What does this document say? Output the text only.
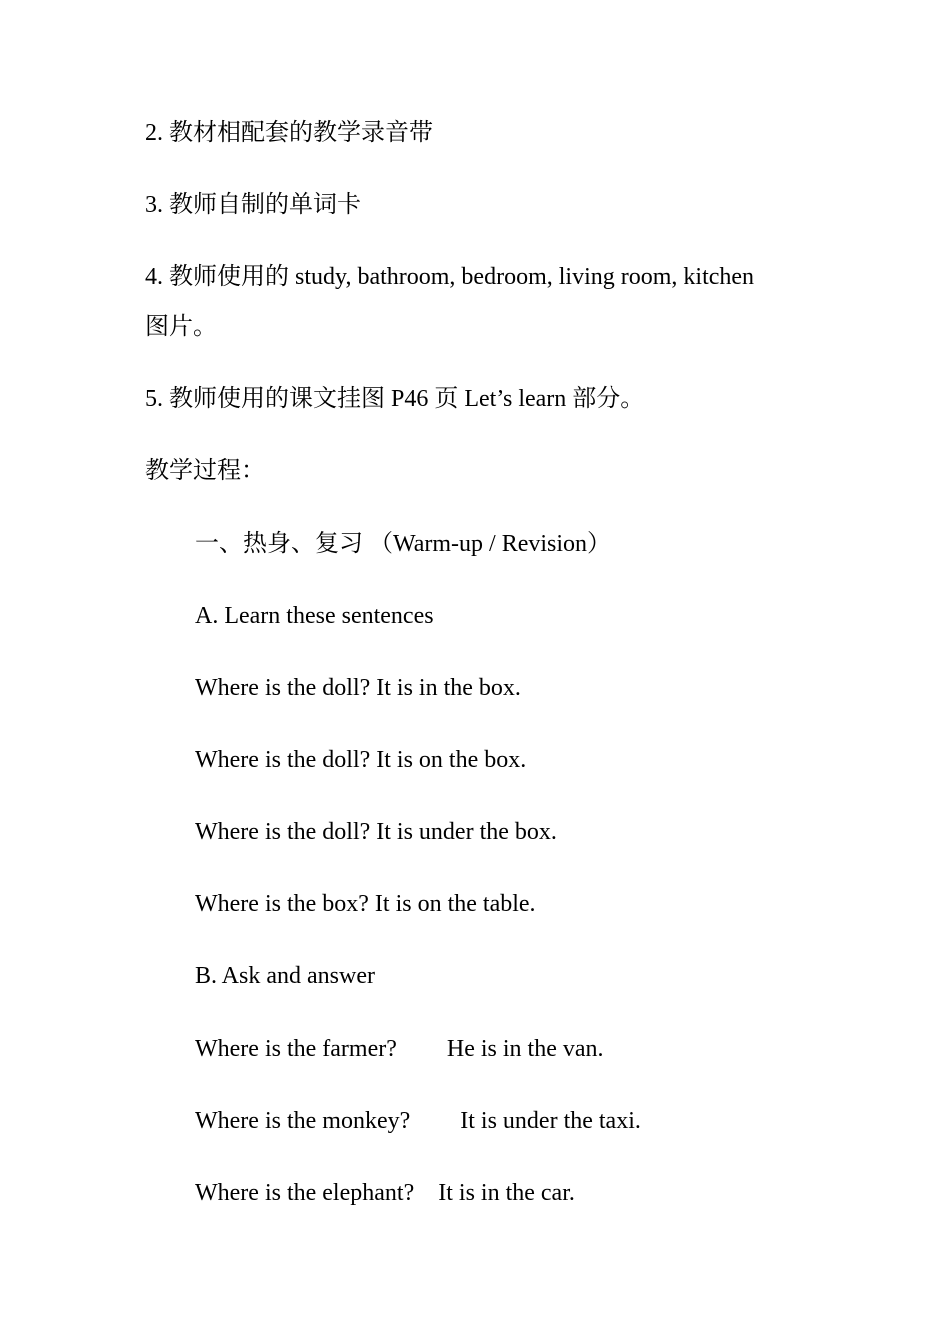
2. 教材相配套的教学录音带
3. 教师自制的单词卡
4. 教师使用的 study, bathroom, bedroom, living room, kitchen
图片。
5. 教师使用的课文挂图 P46 页 Let’s learn 部分。
教学过程：
一、热身、复习 （Warm-up / Revision）
A. Learn these sentences
Where is the doll? It is in the box.
Where is the doll? It is on the box.
Where is the doll? It is under the box.
Where is the box? It is on the table.
B. Ask and answer
Where is the farmer? He is in the van.
Where is the monkey? It is under the taxi.
Where is the elephant? It is in the car.
